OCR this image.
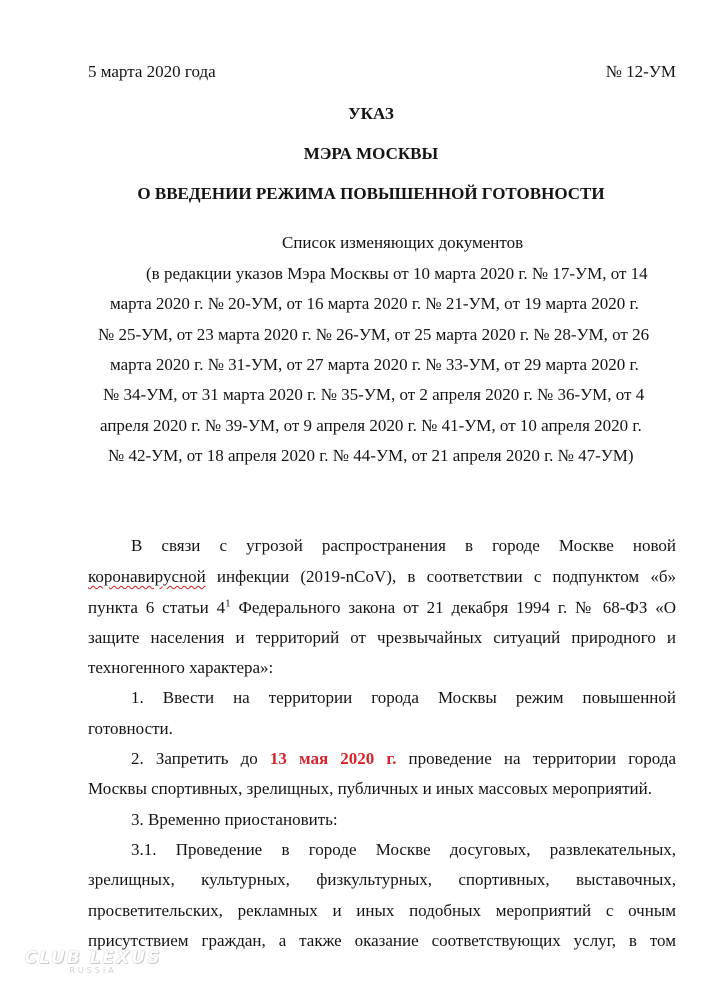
5 марта 2020 года	№ 12-УМ
УКАЗ
МЭРА МОСКВЫ
О ВВЕДЕНИИ РЕЖИМА ПОВЫШЕННОЙ ГОТОВНОСТИ
Список изменяющих документов
(в редакции указов Мэра Москвы от 10 марта 2020 г. № 17-УМ, от 14
марта 2020 г. № 20-УМ, от 16 марта 2020 г. № 21-УМ, от 19 марта 2020 г.
№ 25-УМ, от 23 марта 2020 г. № 26-УМ, от 25 марта 2020 г. № 28-УМ, от 26
марта 2020 г. № 31-УМ, от 27 марта 2020 г. № 33-УМ, от 29 марта 2020 г.
№ 34-УМ, от 31 марта 2020 г. № 35-УМ, от 2 апреля 2020 г. № 36-УМ, от 4
апреля 2020 г. № 39-УМ, от 9 апреля 2020 г. № 41-УМ, от 10 апреля 2020 г.
№ 42-УМ, от 18 апреля 2020 г. № 44-УМ, от 21 апреля 2020 г. № 47-УМ)
В связи с угрозой распространения в городе Москве новой
коронавирусной инфекции (2019-nCoV), в соответствии с подпунктом «б»
пункта 6 статьи $4^1$ Федерального закона от 21 декабря 1994 г. № 68-ФЗ «О
защите населения и территорий от чрезвычайных ситуаций природного и
техногенного характера»:
1. Ввести на территории города Москвы режим повышенной
готовности.
2. Запретить до 13 мая 2020 г. проведение на территории города
Москвы спортивных, зрелищных, публичных и иных массовых мероприятий.
3. Временно приостановить:
3.1. Проведение в городе Москве досуговых, развлекательных,
зрелищных, культурных, физкультурных, спортивных, выставочных,
просветительских, рекламных и иных подобных мероприятий с очным
присутствием граждан, а также оказание соответствующих услуг, в том
CLUB LEXUS
RUSSIA
